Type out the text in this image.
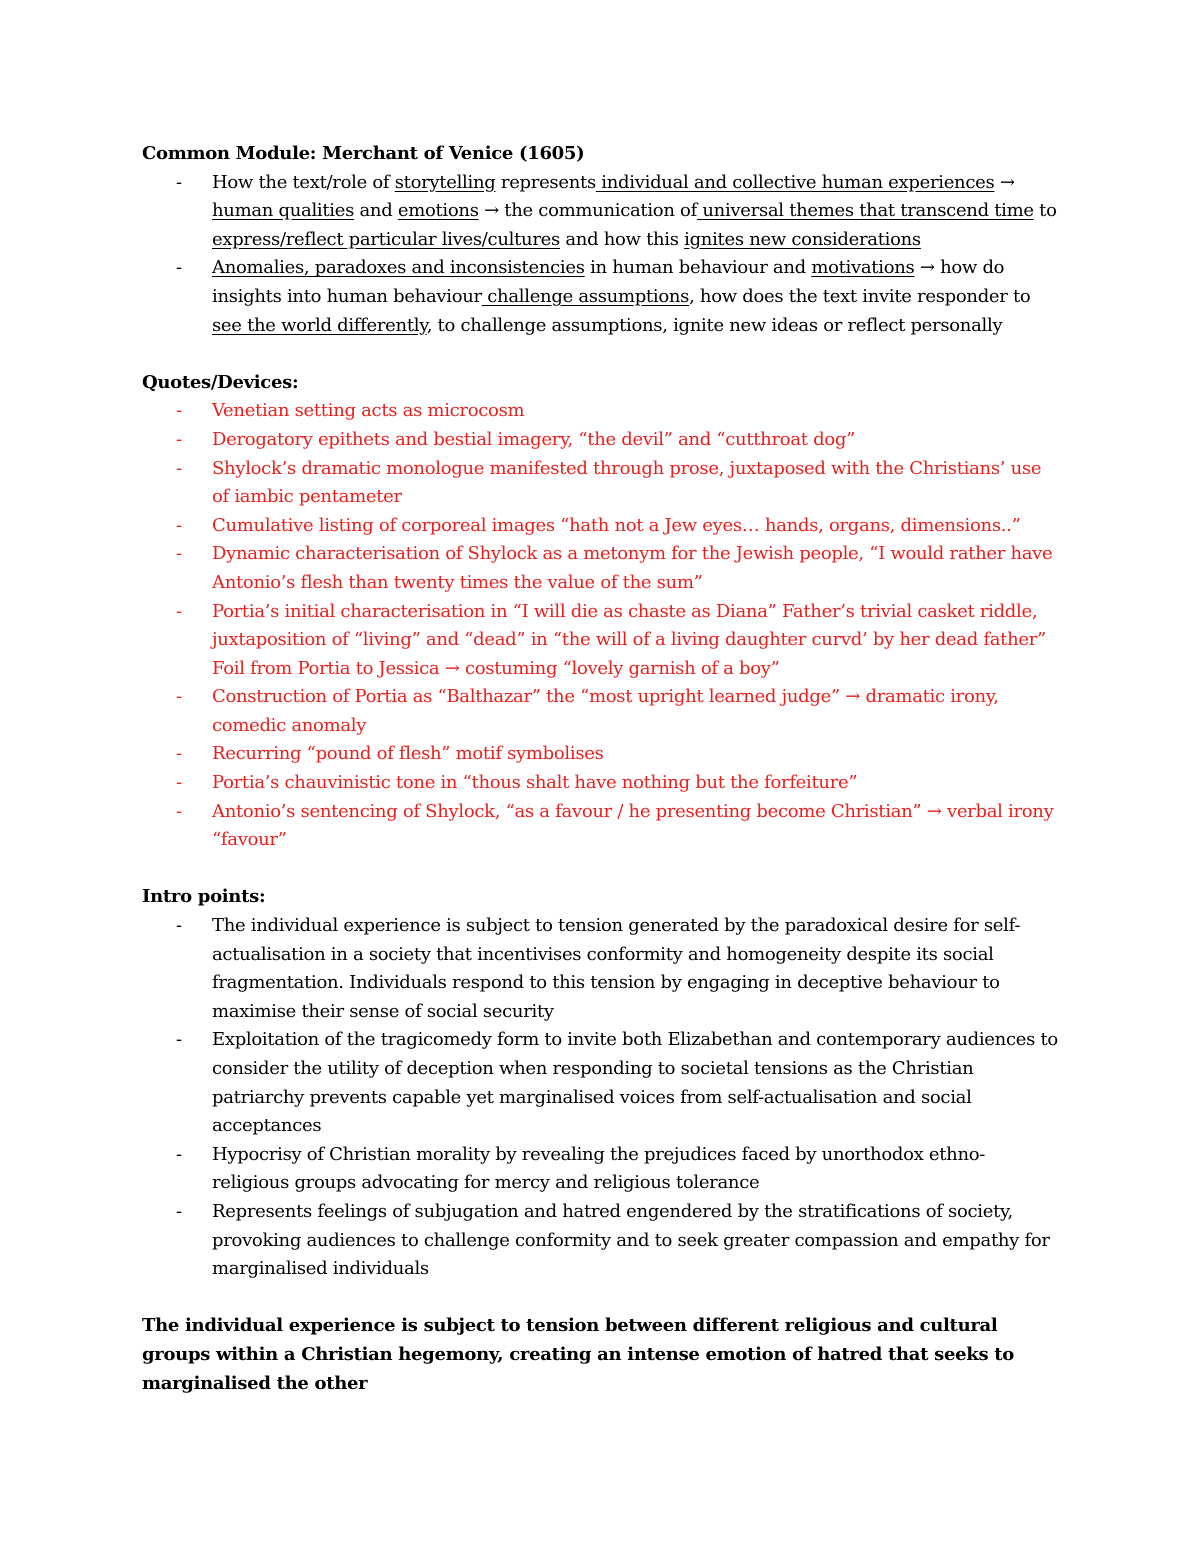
Common Module: Merchant of Venice (1605)

- How the text/role of storytelling represents individual and collective human experiences → human qualities and emotions → the communication of universal themes that transcend time to express/reflect particular lives/cultures and how this ignites new considerations
- Anomalies, paradoxes and inconsistencies in human behaviour and motivations → how do insights into human behaviour challenge assumptions, how does the text invite responder to see the world differently, to challenge assumptions, ignite new ideas or reflect personally

Quotes/Devices:

- Venetian setting acts as microcosm
- Derogatory epithets and bestial imagery, “the devil” and “cutthroat dog”
- Shylock’s dramatic monologue manifested through prose, juxtaposed with the Christians’ use of iambic pentameter
- Cumulative listing of corporeal images “hath not a Jew eyes… hands, organs, dimensions..”
- Dynamic characterisation of Shylock as a metonym for the Jewish people, “I would rather have Antonio’s flesh than twenty times the value of the sum”
- Portia’s initial characterisation in “I will die as chaste as Diana” Father’s trivial casket riddle, juxtaposition of “living” and “dead” in “the will of a living daughter curvd’ by her dead father” Foil from Portia to Jessica → costuming “lovely garnish of a boy”
- Construction of Portia as “Balthazar” the “most upright learned judge” → dramatic irony, comedic anomaly
- Recurring “pound of flesh” motif symbolises
- Portia’s chauvinistic tone in “thous shalt have nothing but the forfeiture”
- Antonio’s sentencing of Shylock, “as a favour / he presenting become Christian” → verbal irony “favour”

Intro points:

- The individual experience is subject to tension generated by the paradoxical desire for self-actualisation in a society that incentivises conformity and homogeneity despite its social fragmentation. Individuals respond to this tension by engaging in deceptive behaviour to maximise their sense of social security
- Exploitation of the tragicomedy form to invite both Elizabethan and contemporary audiences to consider the utility of deception when responding to societal tensions as the Christian patriarchy prevents capable yet marginalised voices from self-actualisation and social acceptances
- Hypocrisy of Christian morality by revealing the prejudices faced by unorthodox ethno-religious groups advocating for mercy and religious tolerance
- Represents feelings of subjugation and hatred engendered by the stratifications of society, provoking audiences to challenge conformity and to seek greater compassion and empathy for marginalised individuals

The individual experience is subject to tension between different religious and cultural groups within a Christian hegemony, creating an intense emotion of hatred that seeks to marginalised the other
